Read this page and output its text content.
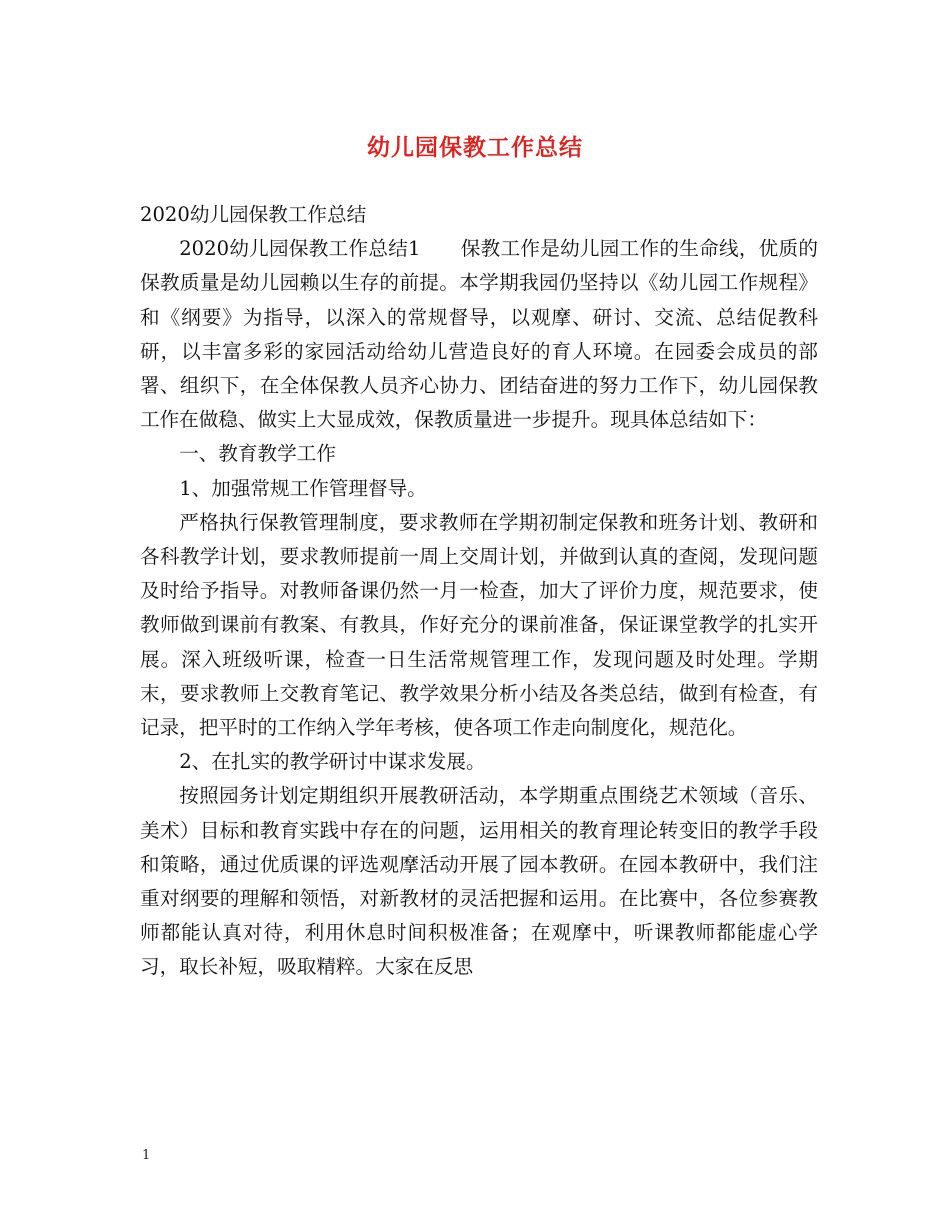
幼儿园保教工作总结

2020幼儿园保教工作总结

2020幼儿园保教工作总结1 保教工作是幼儿园工作的生命线，优质的保教质量是幼儿园赖以生存的前提。本学期我园仍坚持以《幼儿园工作规程》和《纲要》为指导，以深入的常规督导，以观摩、研讨、交流、总结促教科研，以丰富多彩的家园活动给幼儿营造良好的育人环境。在园委会成员的部署、组织下，在全体保教人员齐心协力、团结奋进的努力工作下，幼儿园保教工作在做稳、做实上大显成效，保教质量进一步提升。现具体总结如下：

一、教育教学工作

1、加强常规工作管理督导。

严格执行保教管理制度，要求教师在学期初制定保教和班务计划、教研和各科教学计划，要求教师提前一周上交周计划，并做到认真的查阅，发现问题及时给予指导。对教师备课仍然一月一检查，加大了评价力度，规范要求，使教师做到课前有教案、有教具，作好充分的课前准备，保证课堂教学的扎实开展。深入班级听课，检查一日生活常规管理工作，发现问题及时处理。学期末，要求教师上交教育笔记、教学效果分析小结及各类总结，做到有检查，有记录，把平时的工作纳入学年考核，使各项工作走向制度化，规范化。

2、在扎实的教学研讨中谋求发展。

按照园务计划定期组织开展教研活动，本学期重点围绕艺术领域（音乐、美术）目标和教育实践中存在的问题，运用相关的教育理论转变旧的教学手段和策略，通过优质课的评选观摩活动开展了园本教研。在园本教研中，我们注重对纲要的理解和领悟，对新教材的灵活把握和运用。在比赛中，各位参赛教师都能认真对待，利用休息时间积极准备；在观摩中，听课教师都能虚心学习，取长补短，吸取精粹。大家在反思

1
